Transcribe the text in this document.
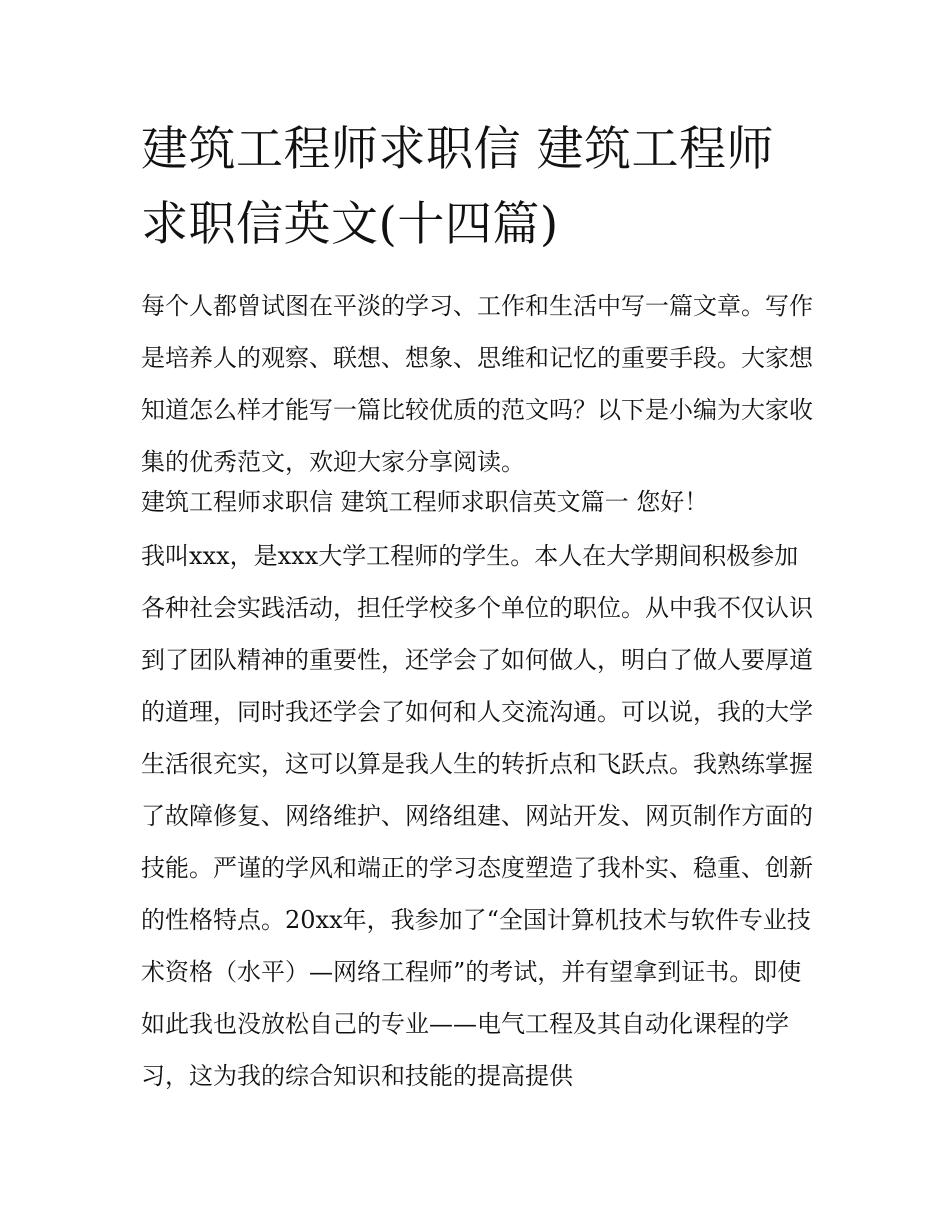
建筑工程师求职信 建筑工程师求职信英文(十四篇)

每个人都曾试图在平淡的学习、工作和生活中写一篇文章。写作是培养人的观察、联想、想象、思维和记忆的重要手段。大家想知道怎么样才能写一篇比较优质的范文吗？以下是小编为大家收集的优秀范文，欢迎大家分享阅读。

建筑工程师求职信 建筑工程师求职信英文篇一 您好！

我叫xxx，是xxx大学工程师的学生。本人在大学期间积极参加各种社会实践活动，担任学校多个单位的职位。从中我不仅认识到了团队精神的重要性，还学会了如何做人，明白了做人要厚道的道理，同时我还学会了如何和人交流沟通。可以说，我的大学生活很充实，这可以算是我人生的转折点和飞跃点。我熟练掌握了故障修复、网络维护、网络组建、网站开发、网页制作方面的技能。严谨的学风和端正的学习态度塑造了我朴实、稳重、创新的性格特点。20xx年，我参加了“全国计算机技术与软件专业技术资格（水平）—网络工程师”的考试，并有望拿到证书。即使如此我也没放松自己的专业——电气工程及其自动化课程的学习，这为我的综合知识和技能的提高提供
